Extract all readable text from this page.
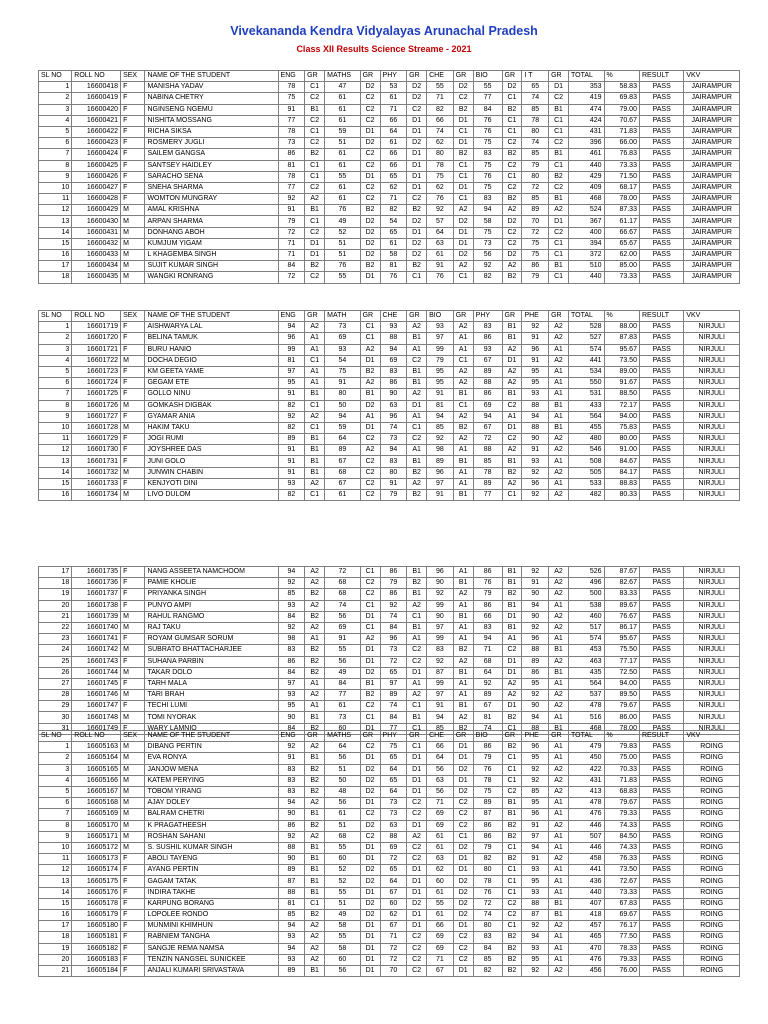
Vivekananda Kendra Vidyalayas Arunachal Pradesh
Class XII Results Science Streame - 2021
SL NO	ROLL NO	SEX	NAME OF THE STUDENT	ENG	GR	MATHS	GR	PHY	GR	CHE	GR	BIO	GR	I T	GR	TOTAL	%	RESULT	VKV
1	16600418	F	MANISHA YADAV	78	C1	47	D2	53	D2	55	D2	55	D2	65	D1	353	58.83	PASS	JAIRAMPUR
2	16600419	F	NABINA CHETRY	75	C2	61	C2	61	D2	71	C2	77	C1	74	C2	419	69.83	PASS	JAIRAMPUR
3	16600420	F	NGINSENG NGEMU	91	B1	61	C2	71	C2	82	B2	84	B2	85	B1	474	79.00	PASS	JAIRAMPUR
4	16600421	F	NISHITA MOSSANG	77	C2	61	C2	66	D1	66	D1	76	C1	78	C1	424	70.67	PASS	JAIRAMPUR
5	16600422	F	RICHA SIKSA	78	C1	59	D1	64	D1	74	C1	76	C1	80	C1	431	71.83	PASS	JAIRAMPUR
6	16600423	F	ROSMERY JUGLI	73	C2	51	D2	61	D2	62	D1	75	C2	74	C2	396	66.00	PASS	JAIRAMPUR
7	16600424	F	SAILEM GANGSA	86	B2	61	C2	66	D1	80	B2	83	B2	85	B1	461	76.83	PASS	JAIRAMPUR
8	16600425	F	SANTSEY HAIDLEY	81	C1	61	C2	66	D1	78	C1	75	C2	79	C1	440	73.33	PASS	JAIRAMPUR
9	16600426	F	SARACHO SENA	78	C1	55	D1	65	D1	75	C1	76	C1	80	B2	429	71.50	PASS	JAIRAMPUR
10	16600427	F	SNEHA SHARMA	77	C2	61	C2	62	D1	62	D1	75	C2	72	C2	409	68.17	PASS	JAIRAMPUR
11	16600428	F	WOMTON MUNGRAY	92	A2	61	C2	71	C2	76	C1	83	B2	85	B1	468	78.00	PASS	JAIRAMPUR
12	16600429	M	AMAL KRISHNA	91	B1	76	B2	82	B2	92	A2	94	A2	89	A2	524	87.33	PASS	JAIRAMPUR
13	16600430	M	ARPAN SHARMA	79	C1	49	D2	54	D2	57	D2	58	D2	70	D1	367	61.17	PASS	JAIRAMPUR
14	16600431	M	DONHANG ABOH	72	C2	52	D2	65	D1	64	D1	75	C2	72	C2	400	66.67	PASS	JAIRAMPUR
15	16600432	M	KUMJUM YIGAM	71	D1	51	D2	61	D2	63	D1	73	C2	75	C1	394	65.67	PASS	JAIRAMPUR
16	16600433	M	L KHAGEMBA SINGH	71	D1	51	D2	58	D2	61	D2	56	D2	75	C1	372	62.00	PASS	JAIRAMPUR
17	16600434	M	SUJIT KUMAR SINGH	84	B2	76	B2	81	B2	91	A2	92	A2	86	B1	510	85.00	PASS	JAIRAMPUR
18	16600435	M	WANGKI RONRANG	72	C2	55	D1	76	C1	76	C1	82	B2	79	C1	440	73.33	PASS	JAIRAMPUR
SL NO	ROLL NO	SEX	NAME OF THE STUDENT	ENG	GR	MATH	GR	CHE	GR	BIO	GR	PHY	GR	PHE	GR	TOTAL	%	RESULT	VKV
1	16601719	F	AISHWARYA LAL	94	A2	73	C1	93	A2	93	A2	83	B1	92	A2	528	88.00	PASS	NIRJULI
2	16601720	F	BELINA TAMUK	96	A1	69	C1	88	B1	97	A1	86	B1	91	A2	527	87.83	PASS	NIRJULI
3	16601721	F	BURU HANIO	99	A1	93	A2	94	A1	99	A1	93	A2	96	A1	574	95.67	PASS	NIRJULI
4	16601722	M	DOCHA DEGIO	81	C1	54	D1	69	C2	79	C1	67	D1	91	A2	441	73.50	PASS	NIRJULI
5	16601723	F	KM GEETA YAME	97	A1	75	B2	83	B1	95	A2	89	A2	95	A1	534	89.00	PASS	NIRJULI
6	16601724	F	GEGAM ETE	95	A1	91	A2	86	B1	95	A2	88	A2	95	A1	550	91.67	PASS	NIRJULI
7	16601725	F	GOLLO NINU	91	B1	80	B1	90	A2	91	B1	86	B1	93	A1	531	88.50	PASS	NIRJULI
8	16601726	M	GOMKASH DIGBAK	82	C1	50	D2	63	D1	81	C1	69	C2	88	B1	433	72.17	PASS	NIRJULI
9	16601727	F	GYAMAR ANIA	92	A2	94	A1	96	A1	94	A2	94	A1	94	A1	564	94.00	PASS	NIRJULI
10	16601728	M	HAKIM TAKU	82	C1	59	D1	74	C1	85	B2	67	D1	88	B1	455	75.83	PASS	NIRJULI
11	16601729	F	JOGI RUMI	89	B1	64	C2	73	C2	92	A2	72	C2	90	A2	480	80.00	PASS	NIRJULI
12	16601730	F	JOYSHREE DAS	91	B1	89	A2	94	A1	98	A1	88	A2	91	A2	546	91.00	PASS	NIRJULI
13	16601731	F	JUNI GOLO	91	B1	67	C2	83	B1	89	B1	85	B1	93	A1	508	84.67	PASS	NIRJULI
14	16601732	M	JUNWIN CHABIN	91	B1	68	C2	80	B2	96	A1	78	B2	92	A2	505	84.17	PASS	NIRJULI
15	16601733	F	KENJYOTI DINI	93	A2	67	C2	91	A2	97	A1	89	A2	96	A1	533	88.83	PASS	NIRJULI
16	16601734	M	LIVO DULOM	82	C1	61	C2	79	B2	91	B1	77	C1	92	A2	482	80.33	PASS	NIRJULI
17	16601735	F	NANG ASSEETA NAMCHOOM	94	A2	72	C1	86	B1	96	A1	86	B1	92	A2	526	87.67	PASS	NIRJULI
18	16601736	F	PAMIE KHOLIE	92	A2	68	C2	79	B2	90	B1	76	B1	91	A2	496	82.67	PASS	NIRJULI
19	16601737	F	PRIYANKA SINGH	85	B2	68	C2	86	B1	92	A2	79	B2	90	A2	500	83.33	PASS	NIRJULI
20	16601738	F	PUNYO AMPI	93	A2	74	C1	92	A2	99	A1	86	B1	94	A1	538	89.67	PASS	NIRJULI
21	16601739	M	RAHUL RANGMO	84	B2	56	D1	74	C1	90	B1	66	D1	90	A2	460	76.67	PASS	NIRJULI
22	16601740	M	RAJ TAKU	92	A2	69	C1	84	B1	97	A1	83	B1	92	A2	517	86.17	PASS	NIRJULI
23	16601741	F	ROYAM GUMSAR SORUM	98	A1	91	A2	96	A1	99	A1	94	A1	96	A1	574	95.67	PASS	NIRJULI
24	16601742	M	SUBRATO BHATTACHARJEE	83	B2	55	D1	73	C2	83	B2	71	C2	88	B1	453	75.50	PASS	NIRJULI
25	16601743	F	SUHANA PARBIN	86	B2	56	D1	72	C2	92	A2	68	D1	89	A2	463	77.17	PASS	NIRJULI
26	16601744	M	TAKAR DOLO	84	B2	49	D2	65	D1	87	B1	64	D1	86	B1	435	72.50	PASS	NIRJULI
27	16601745	F	TARH MALA	97	A1	84	B1	97	A1	99	A1	92	A2	95	A1	564	94.00	PASS	NIRJULI
28	16601746	M	TARI BRAH	93	A2	77	B2	89	A2	97	A1	89	A2	92	A2	537	89.50	PASS	NIRJULI
29	16601747	F	TECHI LUMI	95	A1	61	C2	74	C1	91	B1	67	D1	90	A2	478	79.67	PASS	NIRJULI
30	16601748	M	TOMI NYORAK	90	B1	73	C1	84	B1	94	A2	81	B2	94	A1	516	86.00	PASS	NIRJULI
31	16601749	F	WARY LAMNIO	84	B2	60	D1	77	C1	85	B2	74	C1	88	B1	468	78.00	PASS	NIRJULI
SL NO	ROLL NO	SEX	NAME OF THE STUDENT	ENG	GR	MATHS	GR	PHY	GR	CHE	GR	BIO	GR	PHE	GR	TOTAL	%	RESULT	VKV
1	16605163	M	DIBANG PERTIN	92	A2	64	C2	75	C1	66	D1	86	B2	96	A1	479	79.83	PASS	ROING
2	16605164	M	EVA RONYA	91	B1	56	D1	65	D1	64	D1	79	C1	95	A1	450	75.00	PASS	ROING
3	16605165	M	JANJOW MENA	83	B2	51	D2	64	D1	56	D2	76	C1	92	A2	422	70.33	PASS	ROING
4	16605166	M	KATEM PERYING	83	B2	50	D2	65	D1	63	D1	78	C1	92	A2	431	71.83	PASS	ROING
5	16605167	M	TOBOM YIRANG	83	B2	48	D2	64	D1	56	D2	75	C2	85	A2	413	68.83	PASS	ROING
6	16605168	M	AJAY DOLEY	94	A2	56	D1	73	C2	71	C2	89	B1	95	A1	478	79.67	PASS	ROING
7	16605169	M	BALRAM CHETRI	90	B1	61	C2	73	C2	69	C2	87	B1	96	A1	476	79.33	PASS	ROING
8	16605170	M	K PRAGATHEESH	86	B2	51	D2	63	D1	69	C2	86	B2	91	A2	446	74.33	PASS	ROING
9	16605171	M	ROSHAN SAHANI	92	A2	68	C2	88	A2	61	C1	86	B2	97	A1	507	84.50	PASS	ROING
10	16605172	M	S. SUSHIL KUMAR SINGH	88	B1	55	D1	69	C2	61	D2	79	C1	94	A1	446	74.33	PASS	ROING
11	16605173	F	ABOLI TAYENG	90	B1	60	D1	72	C2	63	D1	82	B2	91	A2	458	76.33	PASS	ROING
12	16605174	F	AYANG PERTIN	89	B1	52	D2	65	D1	62	D1	80	C1	93	A1	441	73.50	PASS	ROING
13	16605175	F	GAGAM TATAK	87	B1	52	D2	64	D1	60	D2	78	C1	95	A1	436	72.67	PASS	ROING
14	16605176	F	INDIRA TAKHE	88	B1	55	D1	67	D1	61	D2	76	C1	93	A1	440	73.33	PASS	ROING
15	16605178	F	KARPUNG BORANG	81	C1	51	D2	60	D2	55	D2	72	C2	88	B1	407	67.83	PASS	ROING
16	16605179	F	LOPOLEE RONDO	85	B2	49	D2	62	D1	61	D2	74	C2	87	B1	418	69.67	PASS	ROING
17	16605180	F	MUNMINI KHIMHUN	94	A2	58	D1	67	D1	66	D1	80	C1	92	A2	457	76.17	PASS	ROING
18	16605181	F	RABNIEM TANGHA	93	A2	55	D1	71	C2	69	C2	83	B2	94	A1	465	77.50	PASS	ROING
19	16605182	F	SANGJE REMA NAMSA	94	A2	58	D1	72	C2	69	C2	84	B2	93	A1	470	78.33	PASS	ROING
20	16605183	F	TENZIN NANGSEL SUNICKEE	93	A2	60	D1	72	C2	71	C2	85	B2	95	A1	476	79.33	PASS	ROING
21	16605184	F	ANJALI KUMARI SRIVASTAVA	89	B1	56	D1	70	C2	67	D1	82	B2	92	A2	456	76.00	PASS	ROING
